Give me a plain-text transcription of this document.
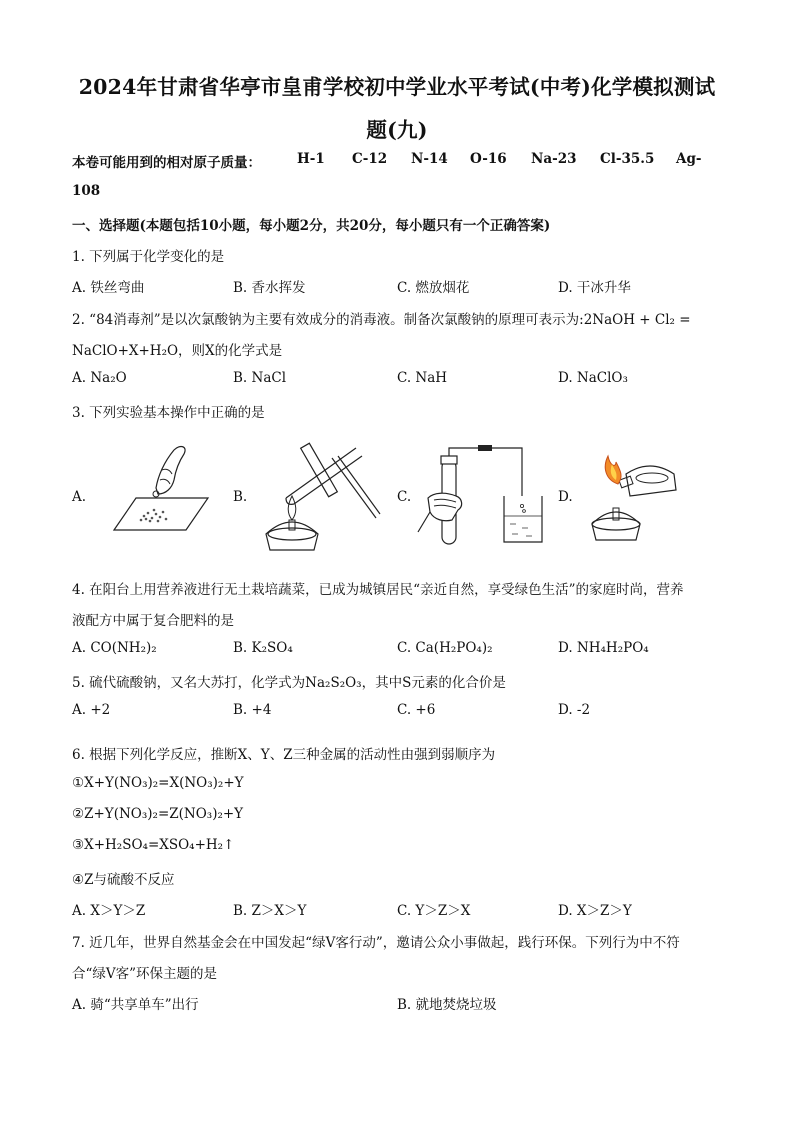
2024年甘肃省华亭市皇甫学校初中学业水平考试(中考)化学模拟测试
题(九)
本卷可能用到的相对原子质量：	H-1 C-12 N-14 O-16 Na-23 Cl-35.5 Ag-
108
一、选择题(本题包括10小题，每小题2分，共20分，每小题只有一个正确答案)
1. 下列属于化学变化的是
A. 铁丝弯曲	B. 香水挥发	C. 燃放烟花	D. 干冰升华
2. “84消毒剂”是以次氯酸钠为主要有效成分的消毒液。制备次氯酸钠的原理可表示为:2NaOH + Cl₂ =
NaClO+X+H₂O，则X的化学式是
A. Na₂O	B. NaCl	C. NaH	D. NaClO₃
3. 下列实验基本操作中正确的是
A.	B.	C.	D.
4. 在阳台上用营养液进行无土栽培蔬菜，已成为城镇居民“亲近自然，享受绿色生活”的家庭时尚，营养
液配方中属于复合肥料的是
A. CO(NH₂)₂	B. K₂SO₄	C. Ca(H₂PO₄)₂	D. NH₄H₂PO₄
5. 硫代硫酸钠，又名大苏打，化学式为Na₂S₂O₃，其中S元素的化合价是
A. +2	B. +4	C. +6	D. -2
6. 根据下列化学反应，推断X、Y、Z三种金属的活动性由强到弱顺序为
①X+Y(NO₃)₂=X(NO₃)₂+Y
②Z+Y(NO₃)₂=Z(NO₃)₂+Y
③X+H₂SO₄=XSO₄+H₂↑
④Z与硫酸不反应
A. X＞Y＞Z	B. Z＞X＞Y	C. Y＞Z＞X	D. X＞Z＞Y
7. 近几年，世界自然基金会在中国发起“绿V客行动”，邀请公众小事做起，践行环保。下列行为中不符
合“绿V客”环保主题的是
A. 骑“共享单车”出行	B. 就地焚烧垃圾
